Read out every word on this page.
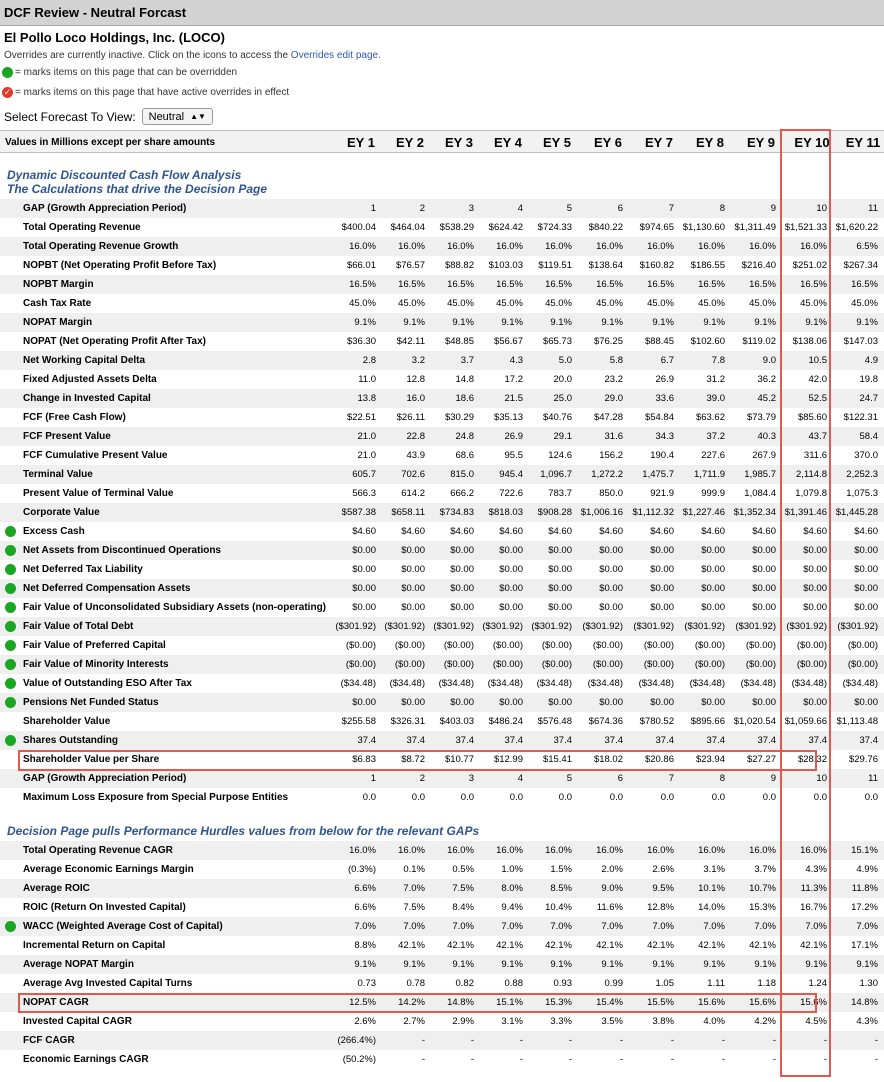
DCF Review - Neutral Forcast
El Pollo Loco Holdings, Inc. (LOCO)
Overrides are currently inactive. Click on the icons to access the Overrides edit page.
= marks items on this page that can be overridden
✓ = marks items on this page that have active overrides in effect
Select Forecast To View: Neutral ▲▼
Values in Millions except per share amounts	EY 1	EY 2	EY 3	EY 4	EY 5	EY 6	EY 7	EY 8	EY 9	EY 10	EY 11
Dynamic Discounted Cash Flow Analysis
The Calculations that drive the Decision Page
GAP (Growth Appreciation Period)	1	2	3	4	5	6	7	8	9	10	11
Total Operating Revenue	$400.04 $464.04 $538.29 $624.42 $724.33 $840.22 $974.65 $1,130.60 $1,311.49 $1,521.33 $1,620.22
Total Operating Revenue Growth	16.0% 16.0% 16.0% 16.0% 16.0%	16.0%	16.0%	16.0%	16.0%	16.0%	6.5%
NOPBT (Net Operating Profit Before Tax)	$66.01 $76.57 $88.82 $103.03 $119.51 $138.64 $160.82 $186.55 $216.40 $251.02 $267.34
NOPBT Margin	16.5% 16.5% 16.5% 16.5% 16.5%	16.5%	16.5%	16.5%	16.5%	16.5%	16.5%
Cash Tax Rate	45.0% 45.0% 45.0% 45.0% 45.0%	45.0%	45.0%	45.0%	45.0%	45.0%	45.0%
NOPAT Margin	9.1%	9.1%	9.1%	9.1%	9.1%	9.1%	9.1%	9.1%	9.1%	9.1%	9.1%
NOPAT (Net Operating Profit After Tax)	$36.30 $42.11 $48.85 $56.67 $65.73 $76.25 $88.45 $102.60 $119.02 $138.06 $147.03
Net Working Capital Delta	2.8	3.2	3.7	4.3	5.0	5.8	6.7	7.8	9.0	10.5	4.9
Fixed Adjusted Assets Delta	11.0	12.8	14.8	17.2	20.0	23.2	26.9	31.2	36.2	42.0	19.8
Change in Invested Capital	13.8	16.0	18.6	21.5	25.0	29.0	33.6	39.0	45.2	52.5	24.7
FCF (Free Cash Flow)	$22.51 $26.11 $30.29 $35.13 $40.76 $47.28 $54.84 $63.62 $73.79 $85.60 $122.31
FCF Present Value	21.0	22.8	24.8	26.9	29.1	31.6	34.3	37.2	40.3	43.7	58.4
FCF Cumulative Present Value	21.0	43.9	68.6	95.5	124.6	156.2	190.4	227.6	267.9	311.6	370.0
Terminal Value	605.7	702.6	815.0	945.4 1,096.7 1,272.2 1,475.7 1,711.9 1,985.7 2,114.8 2,252.3
Present Value of Terminal Value	566.3	614.2	666.2	722.6	783.7	850.0	921.9	999.9 1,084.4 1,079.8 1,075.3
Corporate Value	$587.38 $658.11 $734.83 $818.03 $908.28 $1,006.16 $1,112.32 $1,227.46 $1,352.34 $1,391.46 $1,445.28
Excess Cash	$4.60	$4.60	$4.60	$4.60	$4.60	$4.60	$4.60	$4.60	$4.60	$4.60	$4.60
Net Assets from Discontinued Operations	$0.00	$0.00	$0.00	$0.00	$0.00	$0.00	$0.00	$0.00	$0.00	$0.00	$0.00
Net Deferred Tax Liability	$0.00	$0.00	$0.00	$0.00	$0.00	$0.00	$0.00	$0.00	$0.00	$0.00	$0.00
Net Deferred Compensation Assets	$0.00	$0.00	$0.00	$0.00	$0.00	$0.00	$0.00	$0.00	$0.00	$0.00	$0.00
Fair Value of Unconsolidated Subsidiary Assets (non-operating)	$0.00	$0.00	$0.00	$0.00	$0.00	$0.00	$0.00	$0.00	$0.00	$0.00	$0.00
Fair Value of Total Debt	($301.92) ($301.92) ($301.92) ($301.92) ($301.92) ($301.92) ($301.92) ($301.92) ($301.92) ($301.92) ($301.92)
Fair Value of Preferred Capital	($0.00) ($0.00) ($0.00) ($0.00) ($0.00) ($0.00) ($0.00) ($0.00) ($0.00) ($0.00) ($0.00)
Fair Value of Minority Interests	($0.00) ($0.00) ($0.00) ($0.00) ($0.00) ($0.00) ($0.00) ($0.00) ($0.00) ($0.00) ($0.00)
Value of Outstanding ESO After Tax	($34.48) ($34.48) ($34.48) ($34.48) ($34.48) ($34.48) ($34.48) ($34.48) ($34.48) ($34.48) ($34.48)
Pensions Net Funded Status	$0.00	$0.00	$0.00	$0.00	$0.00	$0.00	$0.00	$0.00	$0.00	$0.00	$0.00
Shareholder Value	$255.58 $326.31 $403.03 $486.24 $576.48 $674.36 $780.52 $895.66 $1,020.54 $1,059.66 $1,113.48
Shares Outstanding	37.4	37.4	37.4	37.4	37.4	37.4	37.4	37.4	37.4	37.4	37.4
Shareholder Value per Share	$6.83	$8.72 $10.77 $12.99 $15.41 $18.02 $20.86 $23.94 $27.27 $28.32 $29.76
GAP (Growth Appreciation Period)	1	2	3	4	5	6	7	8	9	10	11
Maximum Loss Exposure from Special Purpose Entities	0.0	0.0	0.0	0.0	0.0	0.0	0.0	0.0	0.0	0.0	0.0
Decision Page pulls Performance Hurdles values from below for the relevant GAPs
Total Operating Revenue CAGR	16.0% 16.0% 16.0% 16.0% 16.0%	16.0%	16.0%	16.0%	16.0%	16.0%	15.1%
Average Economic Earnings Margin	(0.3%)	0.1%	0.5%	1.0%	1.5%	2.0%	2.6%	3.1%	3.7%	4.3%	4.9%
Average ROIC	6.6%	7.0%	7.5%	8.0%	8.5%	9.0%	9.5%	10.1%	10.7%	11.3%	11.8%
ROIC (Return On Invested Capital)	6.6%	7.5%	8.4%	9.4% 10.4%	11.6%	12.8%	14.0%	15.3%	16.7%	17.2%
WACC (Weighted Average Cost of Capital)	7.0%	7.0%	7.0%	7.0%	7.0%	7.0%	7.0%	7.0%	7.0%	7.0%	7.0%
Incremental Return on Capital	8.8% 42.1% 42.1% 42.1% 42.1%	42.1%	42.1%	42.1%	42.1%	42.1%	17.1%
Average NOPAT Margin	9.1%	9.1%	9.1%	9.1%	9.1%	9.1%	9.1%	9.1%	9.1%	9.1%	9.1%
Average Avg Invested Capital Turns	0.73	0.78	0.82	0.88	0.93	0.99	1.05	1.11	1.18	1.24	1.30
NOPAT CAGR	12.5% 14.2% 14.8% 15.1% 15.3%	15.4%	15.5%	15.6%	15.6%	15.6%	14.8%
Invested Capital CAGR	2.6%	2.7%	2.9%	3.1%	3.3%	3.5%	3.8%	4.0%	4.2%	4.5%	4.3%
FCF CAGR	(266.4%)	-	-	-	-	-	-	-	-	-	-
Economic Earnings CAGR	(50.2%)	-	-	-	-	-	-	-	-	-	-
